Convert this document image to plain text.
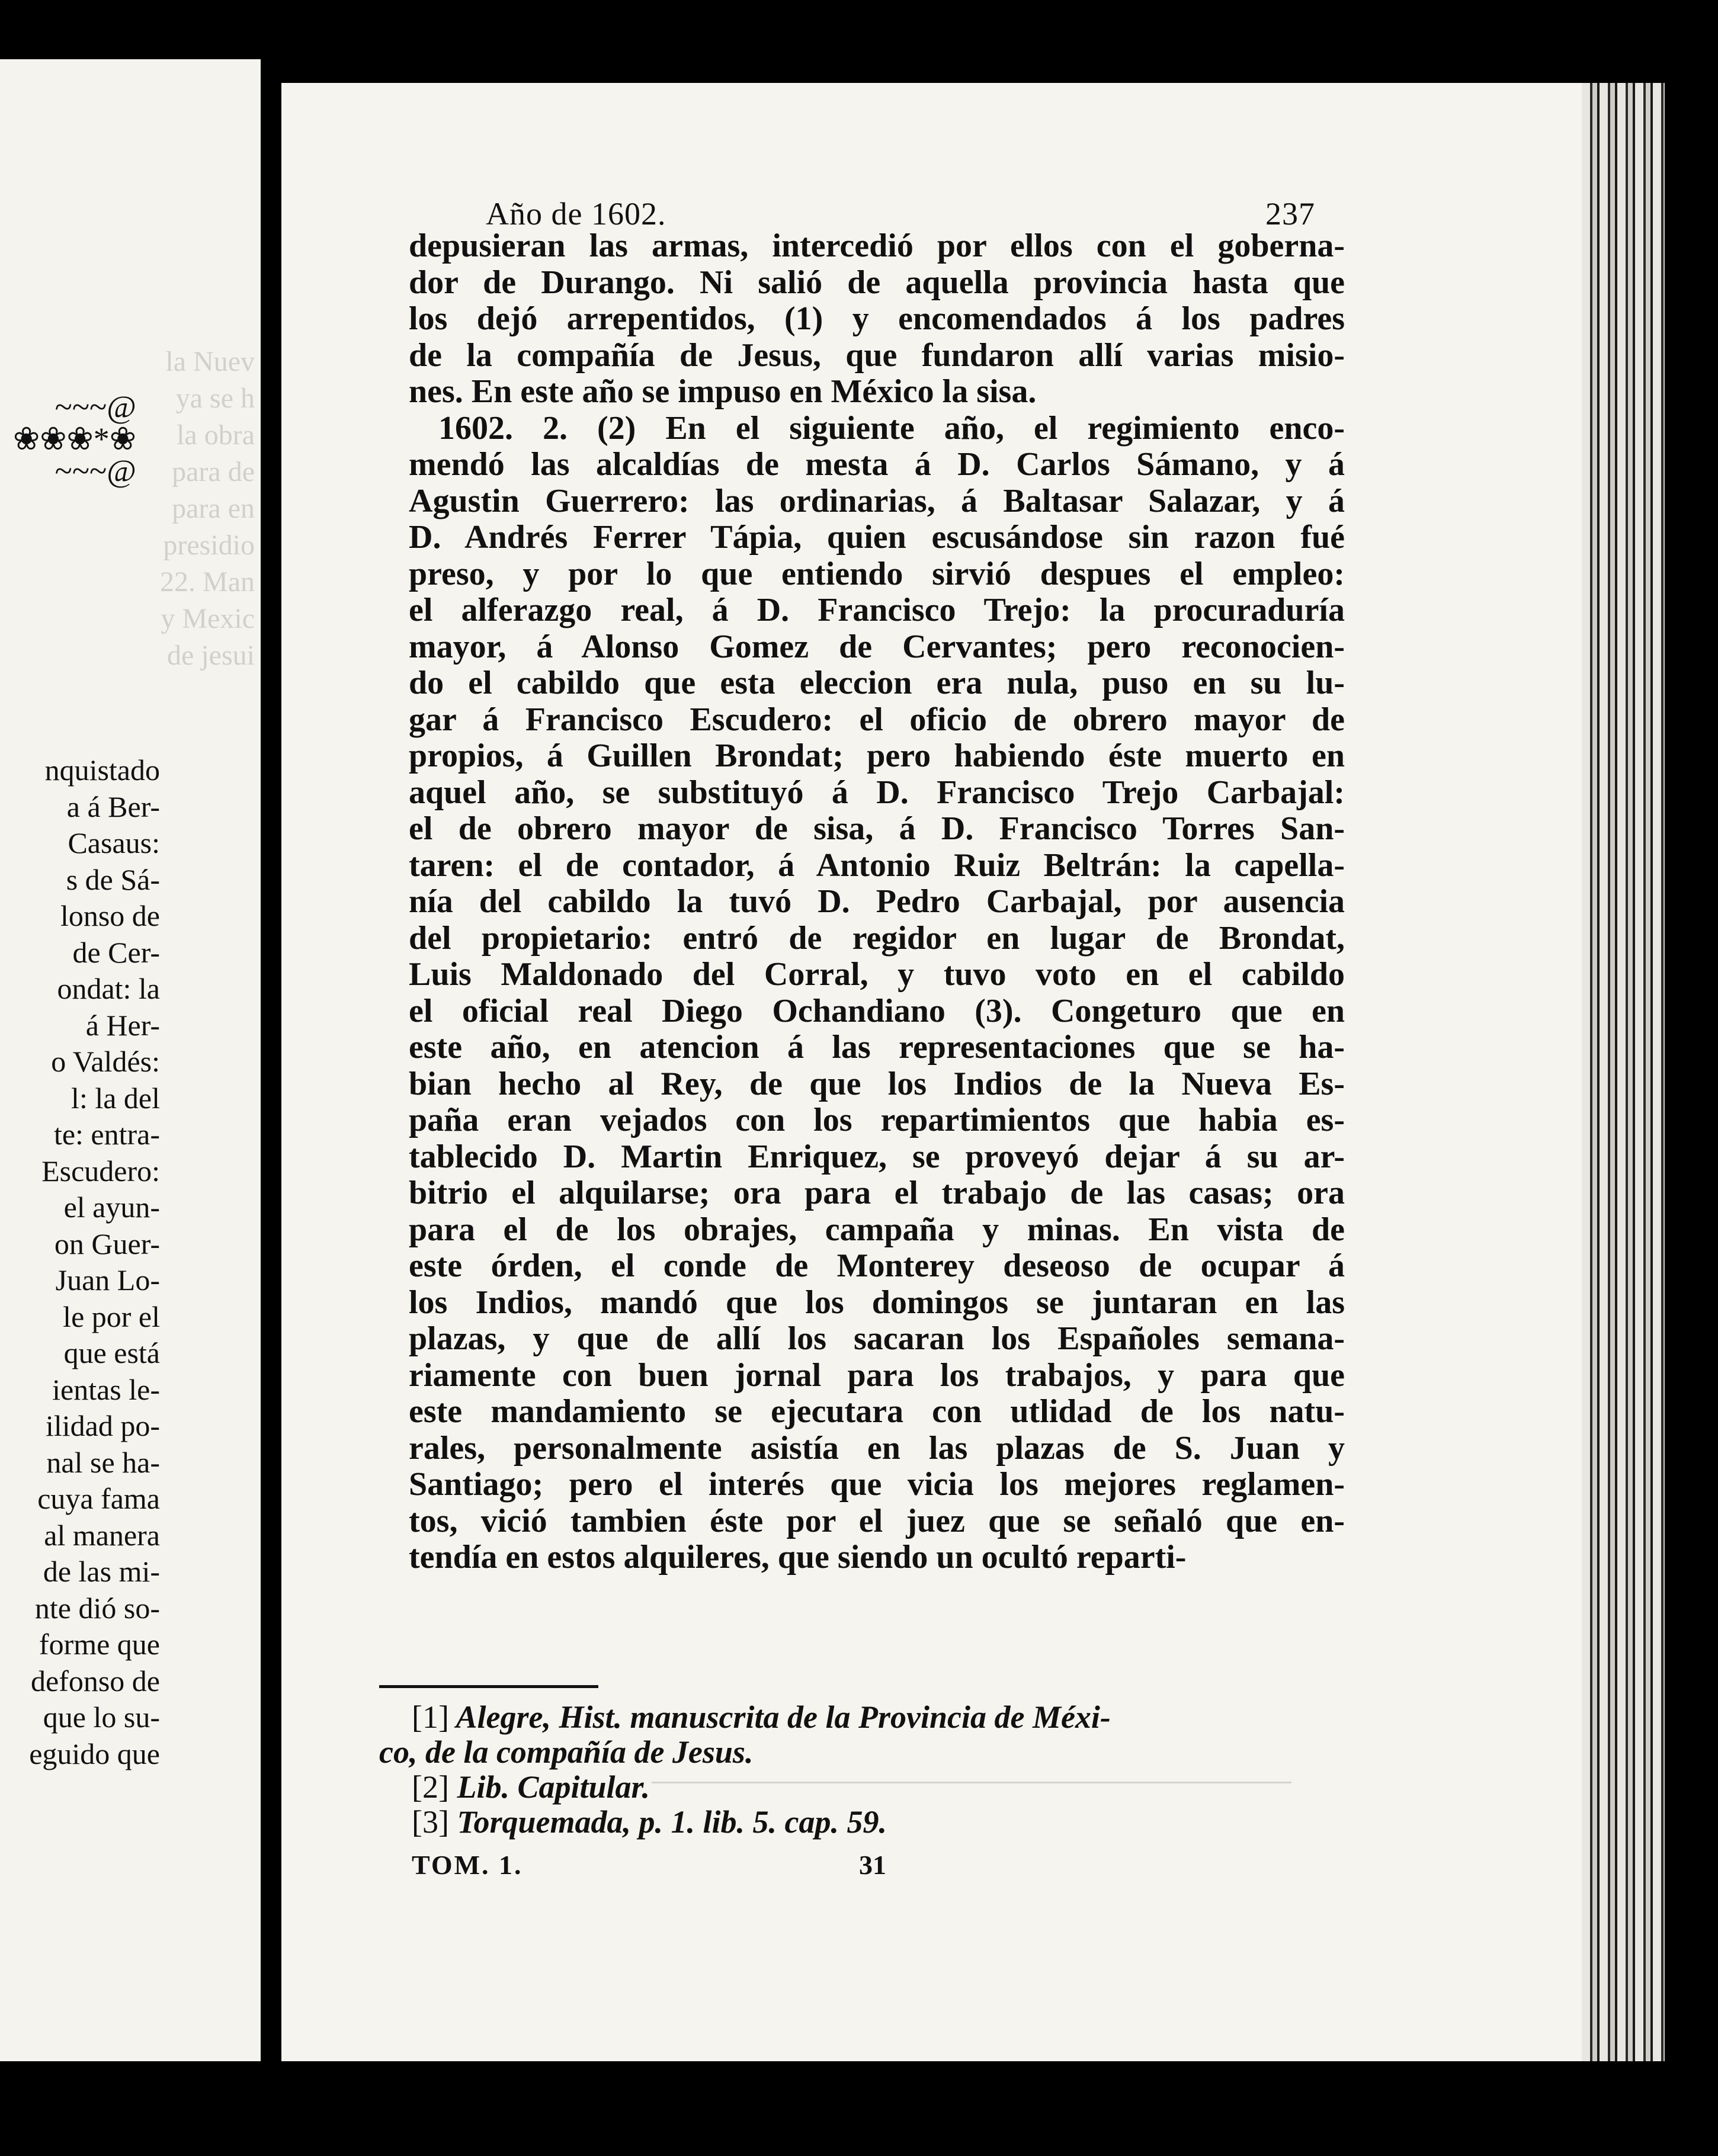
la Nuev
ya se h
la obra
para de
para en
presidio
22. Man
y Mexic
de jesui
~~~@
❀❀❀*❀
~~~@
nquistado
a á Ber-
Casaus:
s de Sá-
lonso de
de Cer-
ondat: la
á Her-
o Valdés:
l: la del
te: entra-
Escudero:
el ayun-
on Guer-
Juan Lo-
le por el
que está
ientas le-
ilidad po-
nal se ha-
cuya fama
al manera
de las mi-
nte dió so-
forme que
defonso de
que lo su-
eguido que
Año de 1602.	237
depusieran las armas, intercedió por ellos con el goberna-
dor de Durango. Ni salió de aquella provincia hasta que
los dejó arrepentidos, (1) y encomendados á los padres
de la compañía de Jesus, que fundaron allí varias misio-
nes. En este año se impuso en México la sisa.
1602. 2. (2) En el siguiente año, el regimiento enco-
mendó las alcaldías de mesta á D. Carlos Sámano, y á
Agustin Guerrero: las ordinarias, á Baltasar Salazar, y á
D. Andrés Ferrer Tápia, quien escusándose sin razon fué
preso, y por lo que entiendo sirvió despues el empleo:
el alferazgo real, á D. Francisco Trejo: la procuraduría
mayor, á Alonso Gomez de Cervantes; pero reconocien-
do el cabildo que esta eleccion era nula, puso en su lu-
gar á Francisco Escudero: el oficio de obrero mayor de
propios, á Guillen Brondat; pero habiendo éste muerto en
aquel año, se substituyó á D. Francisco Trejo Carbajal:
el de obrero mayor de sisa, á D. Francisco Torres San-
taren: el de contador, á Antonio Ruiz Beltrán: la capella-
nía del cabildo la tuvó D. Pedro Carbajal, por ausencia
del propietario: entró de regidor en lugar de Brondat,
Luis Maldonado del Corral, y tuvo voto en el cabildo
el oficial real Diego Ochandiano (3). Congeturo que en
este año, en atencion á las representaciones que se ha-
bian hecho al Rey, de que los Indios de la Nueva Es-
paña eran vejados con los repartimientos que habia es-
tablecido D. Martin Enriquez, se proveyó dejar á su ar-
bitrio el alquilarse; ora para el trabajo de las casas; ora
para el de los obrajes, campaña y minas. En vista de
este órden, el conde de Monterey deseoso de ocupar á
los Indios, mandó que los domingos se juntaran en las
plazas, y que de allí los sacaran los Españoles semana-
riamente con buen jornal para los trabajos, y para que
este mandamiento se ejecutara con utlidad de los natu-
rales, personalmente asistía en las plazas de S. Juan y
Santiago; pero el interés que vicia los mejores reglamen-
tos, vició tambien éste por el juez que se señaló que en-
tendía en estos alquileres, que siendo un ocultó reparti-
[1] Alegre, Hist. manuscrita de la Provincia de Méxi-
co, de la compañía de Jesus.
[2] Lib. Capitular.
[3] Torquemada, p. 1. lib. 5. cap. 59.
TOM. 1.	31
